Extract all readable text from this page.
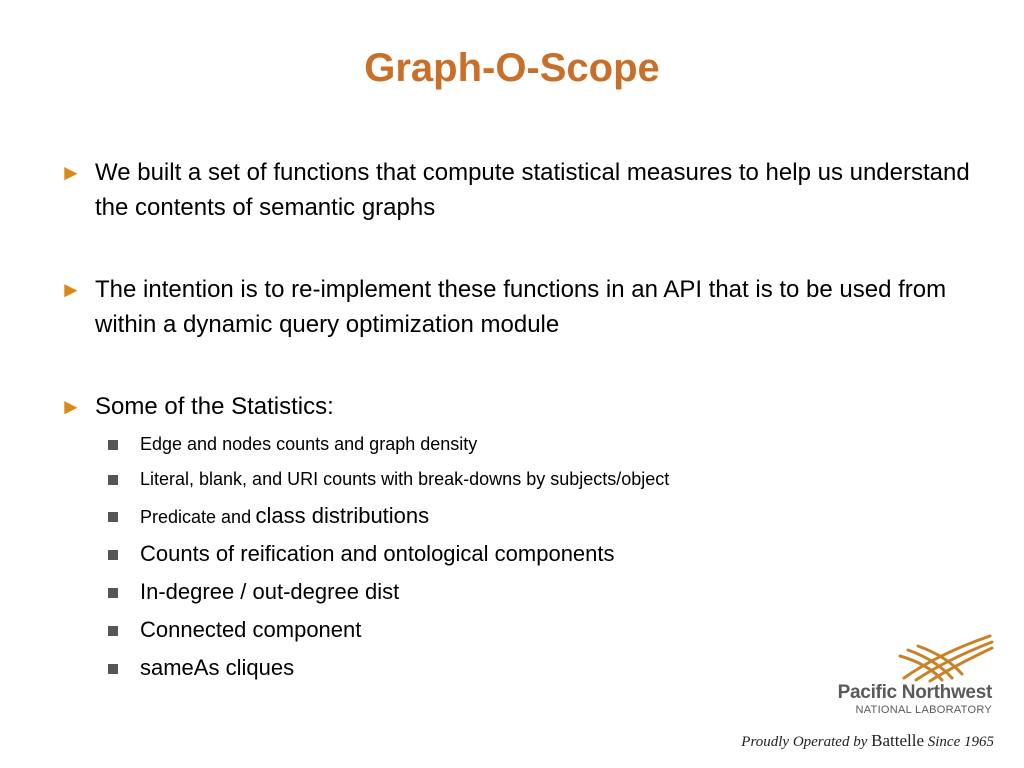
Graph-O-Scope
► We built a set of functions that compute statistical measures to help us understand the contents of semantic graphs
► The intention is to re-implement these functions in an API that is to be used from within a dynamic query optimization module
► Some of the Statistics:
Edge and nodes counts and graph density
Literal, blank, and URI counts with break-downs by subjects/object
Predicate and class distributions
Counts of reification and ontological components
In-degree / out-degree dist
Connected component
sameAs cliques
Pacific Northwest
NATIONAL LABORATORY
Proudly Operated by Battelle Since 1965
